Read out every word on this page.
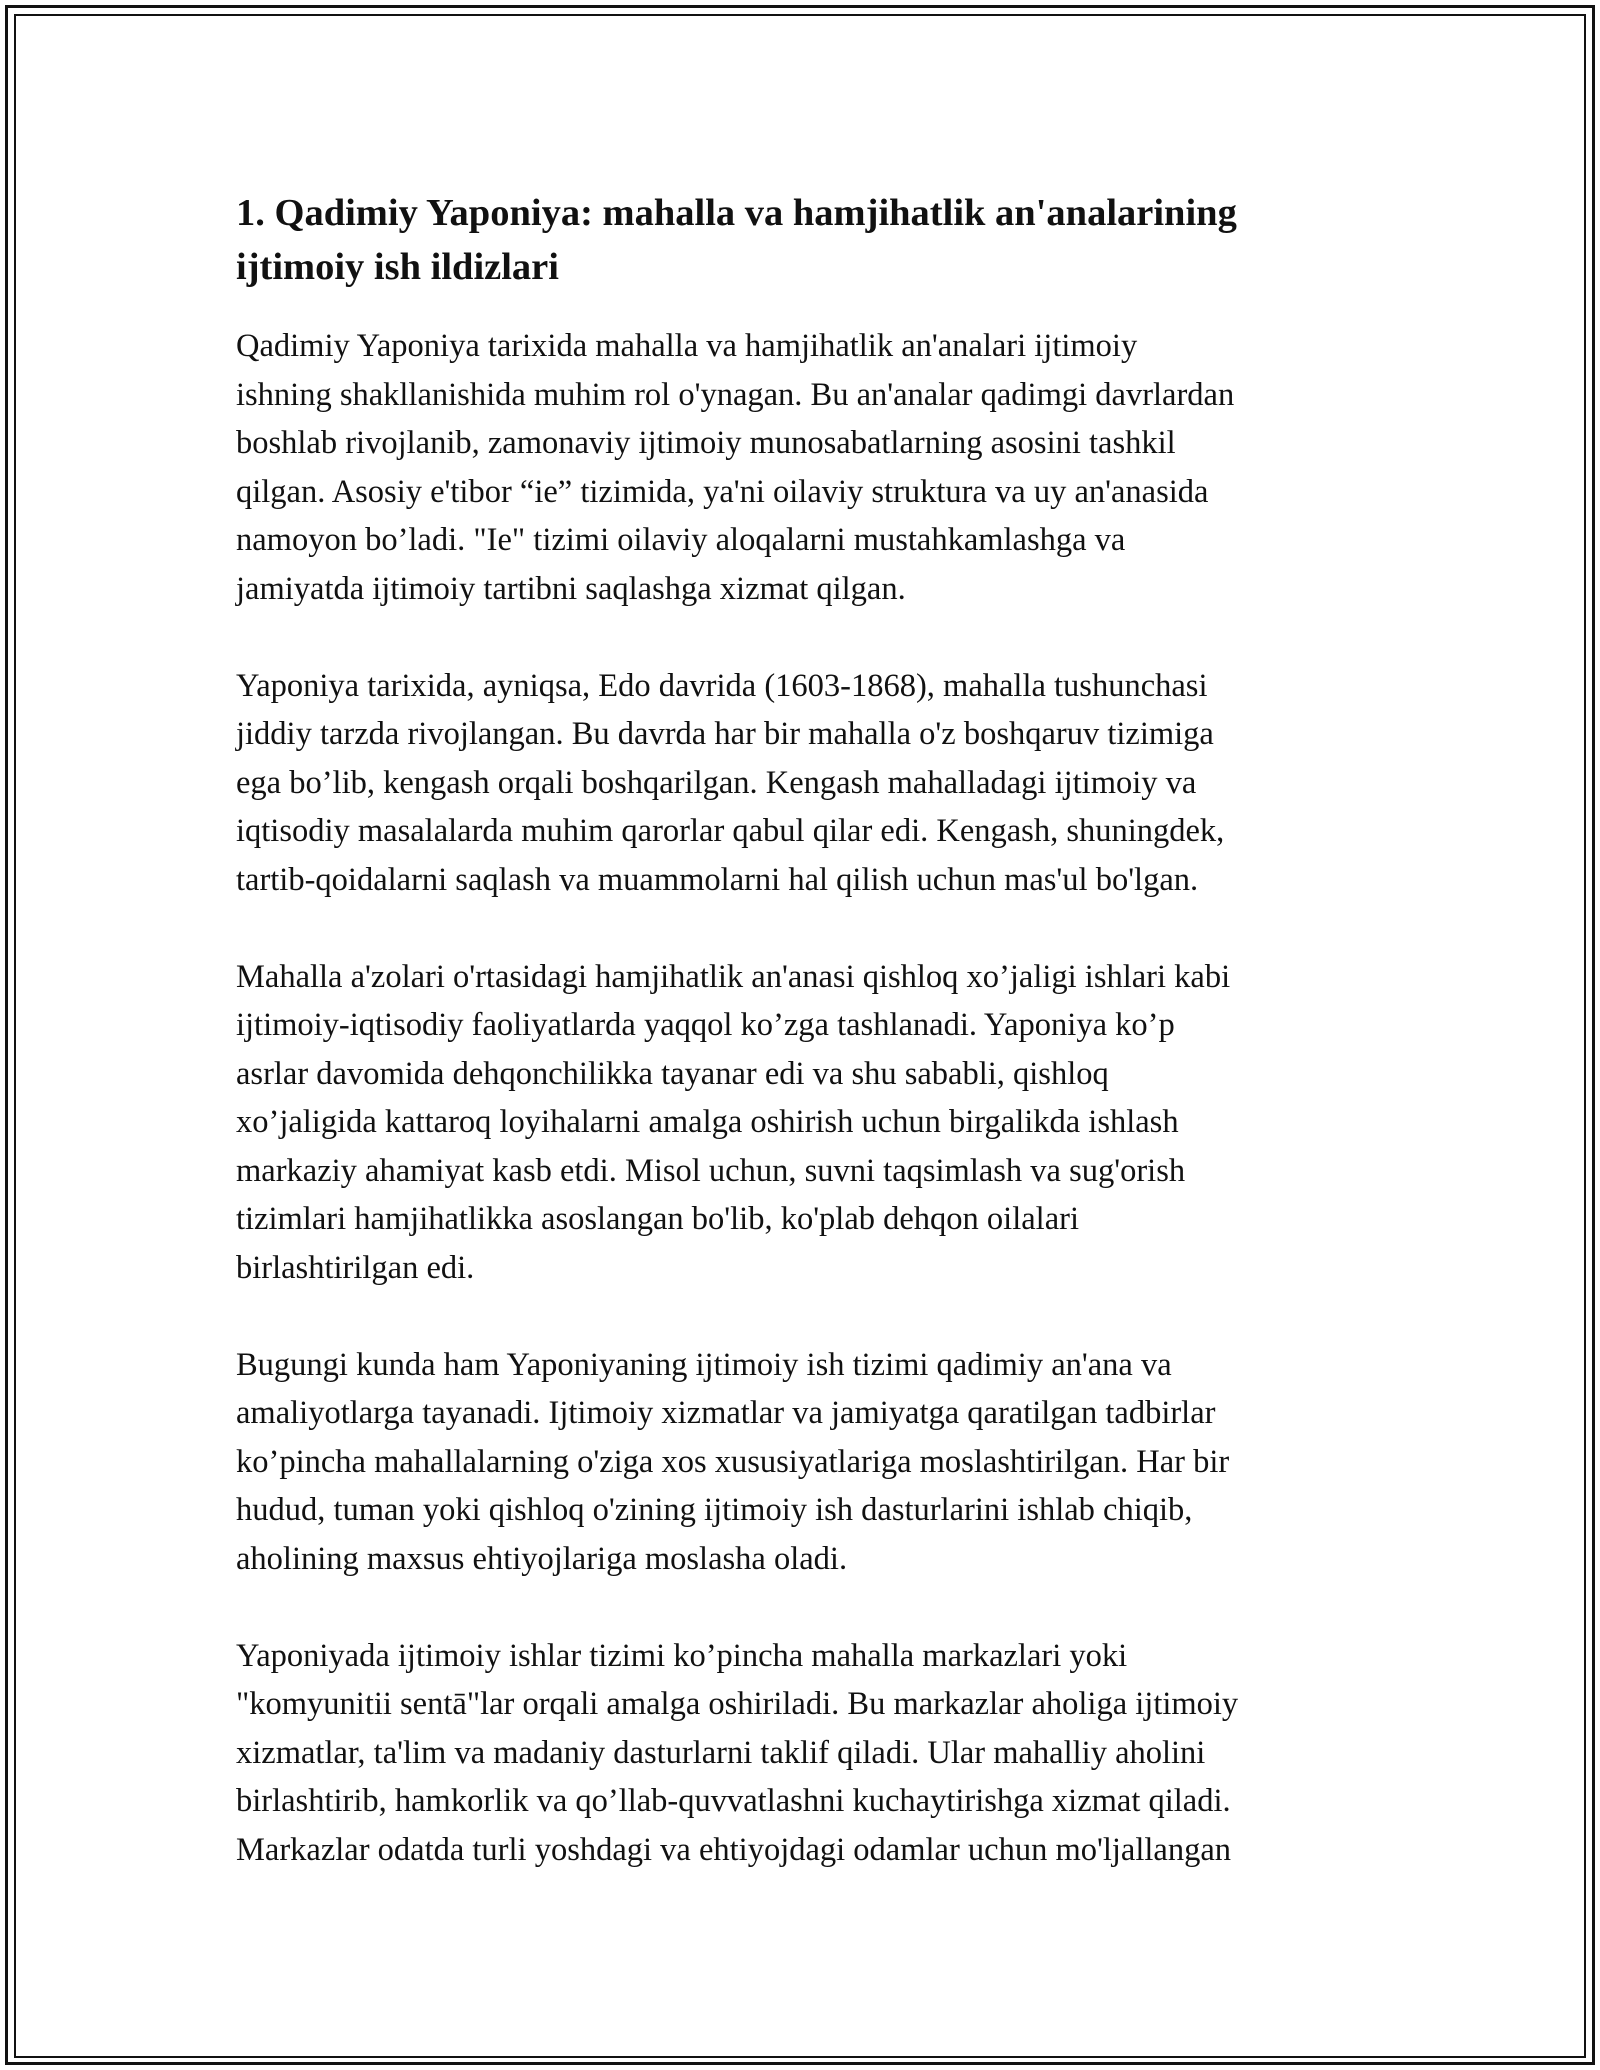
1. Qadimiy Yaponiya: mahalla va hamjihatlik an'analarining
ijtimoiy ish ildizlari

Qadimiy Yaponiya tarixida mahalla va hamjihatlik an'analari ijtimoiy
ishning shakllanishida muhim rol o'ynagan. Bu an'analar qadimgi davrlardan
boshlab rivojlanib, zamonaviy ijtimoiy munosabatlarning asosini tashkil
qilgan. Asosiy e'tibor “ie” tizimida, ya'ni oilaviy struktura va uy an'anasida
namoyon bo’ladi. "Ie" tizimi oilaviy aloqalarni mustahkamlashga va
jamiyatda ijtimoiy tartibni saqlashga xizmat qilgan.

Yaponiya tarixida, ayniqsa, Edo davrida (1603-1868), mahalla tushunchasi
jiddiy tarzda rivojlangan. Bu davrda har bir mahalla o'z boshqaruv tizimiga
ega bo’lib, kengash orqali boshqarilgan. Kengash mahalladagi ijtimoiy va
iqtisodiy masalalarda muhim qarorlar qabul qilar edi. Kengash, shuningdek,
tartib-qoidalarni saqlash va muammolarni hal qilish uchun mas'ul bo'lgan.

Mahalla a'zolari o'rtasidagi hamjihatlik an'anasi qishloq xo’jaligi ishlari kabi
ijtimoiy-iqtisodiy faoliyatlarda yaqqol ko’zga tashlanadi. Yaponiya ko’p
asrlar davomida dehqonchilikka tayanar edi va shu sababli, qishloq
xo’jaligida kattaroq loyihalarni amalga oshirish uchun birgalikda ishlash
markaziy ahamiyat kasb etdi. Misol uchun, suvni taqsimlash va sug'orish
tizimlari hamjihatlikka asoslangan bo'lib, ko'plab dehqon oilalari
birlashtirilgan edi.

Bugungi kunda ham Yaponiyaning ijtimoiy ish tizimi qadimiy an'ana va
amaliyotlarga tayanadi. Ijtimoiy xizmatlar va jamiyatga qaratilgan tadbirlar
ko’pincha mahallalarning o'ziga xos xususiyatlariga moslashtirilgan. Har bir
hudud, tuman yoki qishloq o'zining ijtimoiy ish dasturlarini ishlab chiqib,
aholining maxsus ehtiyojlariga moslasha oladi.

Yaponiyada ijtimoiy ishlar tizimi ko’pincha mahalla markazlari yoki
"komyunitii sentā"lar orqali amalga oshiriladi. Bu markazlar aholiga ijtimoiy
xizmatlar, ta'lim va madaniy dasturlarni taklif qiladi. Ular mahalliy aholini
birlashtirib, hamkorlik va qo’llab-quvvatlashni kuchaytirishga xizmat qiladi.
Markazlar odatda turli yoshdagi va ehtiyojdagi odamlar uchun mo'ljallangan
